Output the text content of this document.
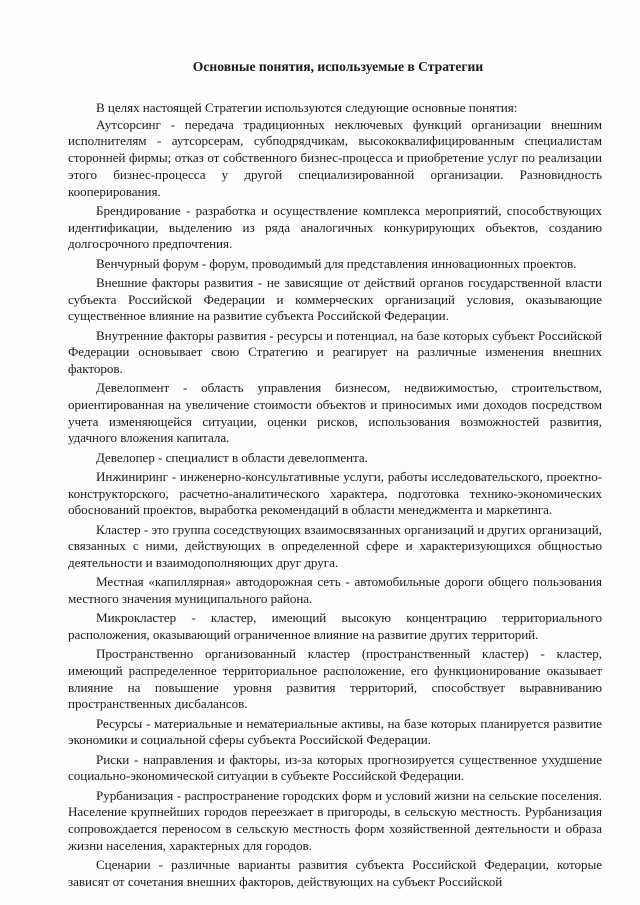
Основные понятия, используемые в Стратегии

В целях настоящей Стратегии используются следующие основные понятия:

Аутсорсинг - передача традиционных неключевых функций организации внешним исполнителям - аутсорсерам, субподрядчикам, высококвалифицированным специалистам сторонней фирмы; отказ от собственного бизнес-процесса и приобретение услуг по реализации этого бизнес-процесса у другой специализированной организации. Разновидность кооперирования.

Брендирование - разработка и осуществление комплекса мероприятий, способствующих идентификации, выделению из ряда аналогичных конкурирующих объектов, созданию долгосрочного предпочтения.

Венчурный форум - форум, проводимый для представления инновационных проектов.

Внешние факторы развития - не зависящие от действий органов государственной власти субъекта Российской Федерации и коммерческих организаций условия, оказывающие существенное влияние на развитие субъекта Российской Федерации.

Внутренние факторы развития - ресурсы и потенциал, на базе которых субъект Российской Федерации основывает свою Стратегию и реагирует на различные изменения внешних факторов.

Девелопмент - область управления бизнесом, недвижимостью, строительством, ориентированная на увеличение стоимости объектов и приносимых ими доходов посредством учета изменяющейся ситуации, оценки рисков, использования возможностей развития, удачного вложения капитала.

Девелопер - специалист в области девелопмента.

Инжиниринг - инженерно-консультативные услуги, работы исследовательского, проектно-конструкторского, расчетно-аналитического характера, подготовка технико-экономических обоснований проектов, выработка рекомендаций в области менеджмента и маркетинга.

Кластер - это группа соседствующих взаимосвязанных организаций и других организаций, связанных с ними, действующих в определенной сфере и характеризующихся общностью деятельности и взаимодополняющих друг друга.

Местная «капиллярная» автодорожная сеть - автомобильные дороги общего пользования местного значения муниципального района.

Микрокластер - кластер, имеющий высокую концентрацию территориального расположения, оказывающий ограниченное влияние на развитие других территорий.

Пространственно организованный кластер (пространственный кластер) - кластер, имеющий распределенное территориальное расположение, его функционирование оказывает влияние на повышение уровня развития территорий, способствует выравниванию пространственных дисбалансов.

Ресурсы - материальные и нематериальные активы, на базе которых планируется развитие экономики и социальной сферы субъекта Российской Федерации.

Риски - направления и факторы, из-за которых прогнозируется существенное ухудшение социально-экономической ситуации в субъекте Российской Федерации.

Рурбанизация - распространение городских форм и условий жизни на сельские поселения. Население крупнейших городов переезжает в пригороды, в сельскую местность. Рурбанизация сопровождается переносом в сельскую местность форм хозяйственной деятельности и образа жизни населения, характерных для городов.

Сценарии - различные варианты развития субъекта Российской Федерации, которые зависят от сочетания внешних факторов, действующих на субъект Российской
